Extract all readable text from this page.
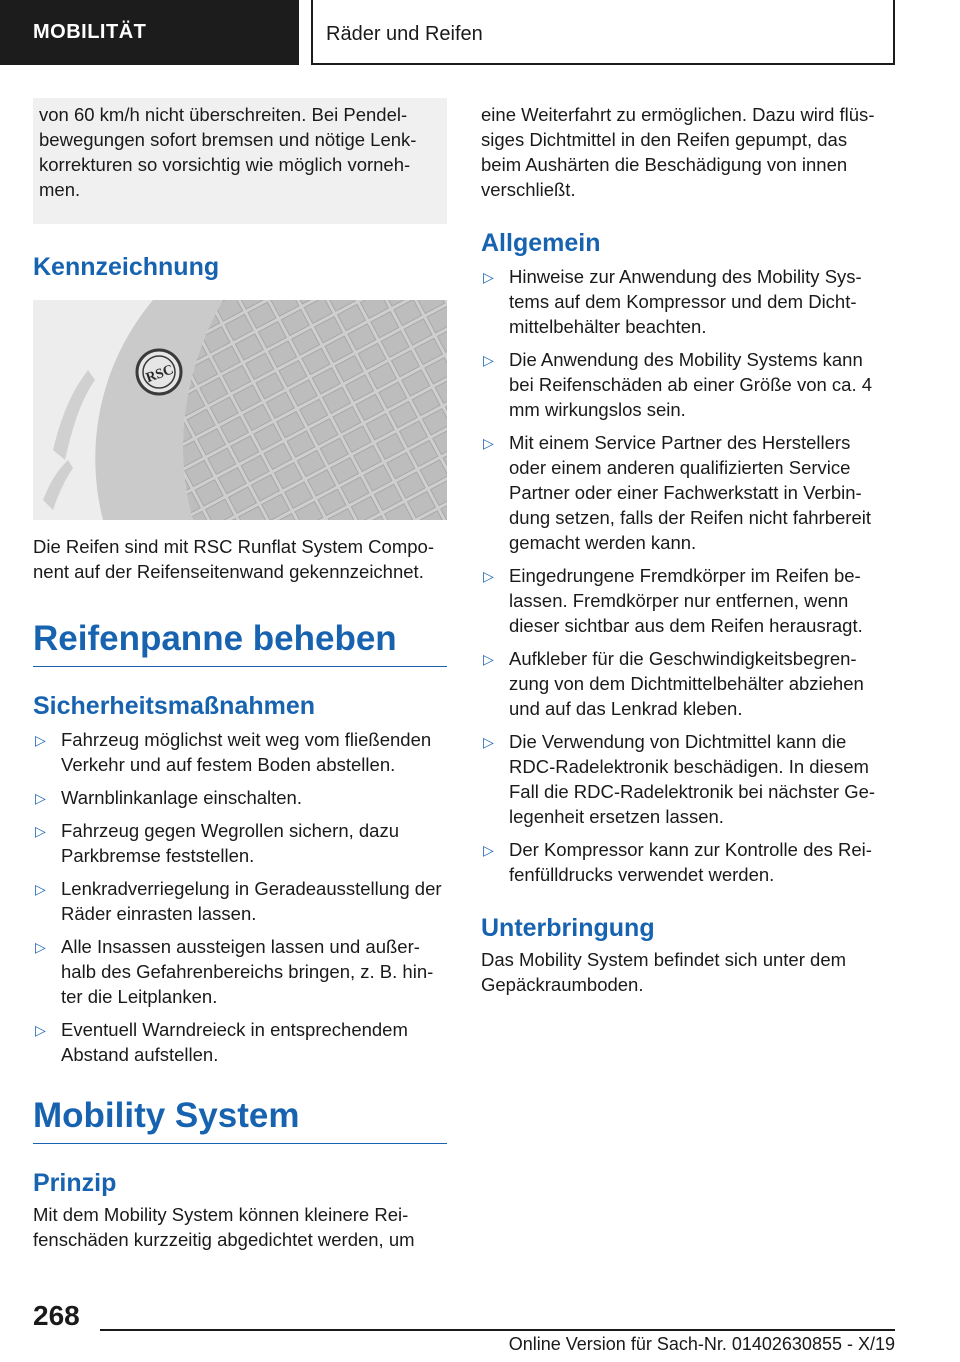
MOBILITÄT	Räder und Reifen

von 60 km/h nicht überschreiten. Bei Pendelbewegungen sofort bremsen und nötige Lenkkorrekturen so vorsichtig wie möglich vornehmen.

Kennzeichnung
RSC

Die Reifen sind mit RSC Runflat System Component auf der Reifenseitenwand gekennzeichnet.

Reifenpanne beheben
Sicherheitsmaßnahmen
▷ Fahrzeug möglichst weit weg vom fließenden Verkehr und auf festem Boden abstellen.
▷ Warnblinkanlage einschalten.
▷ Fahrzeug gegen Wegrollen sichern, dazu Parkbremse feststellen.
▷ Lenkradverriegelung in Geradeausstellung der Räder einrasten lassen.
▷ Alle Insassen aussteigen lassen und außerhalb des Gefahrenbereichs bringen, z. B. hinter die Leitplanken.
▷ Eventuell Warndreieck in entsprechendem Abstand aufstellen.
Mobility System
Prinzip

Mit dem Mobility System können kleinere Reifenschäden kurzzeitig abgedichtet werden, um

eine Weiterfahrt zu ermöglichen. Dazu wird flüssiges Dichtmittel in den Reifen gepumpt, das beim Aushärten die Beschädigung von innen verschließt.

Allgemein
▷ Hinweise zur Anwendung des Mobility Systems auf dem Kompressor und dem Dichtmittelbehälter beachten.
▷ Die Anwendung des Mobility Systems kann bei Reifenschäden ab einer Größe von ca. 4 mm wirkungslos sein.
▷ Mit einem Service Partner des Herstellers oder einem anderen qualifizierten Service Partner oder einer Fachwerkstatt in Verbindung setzen, falls der Reifen nicht fahrbereit gemacht werden kann.
▷ Eingedrungene Fremdkörper im Reifen belassen. Fremdkörper nur entfernen, wenn dieser sichtbar aus dem Reifen herausragt.
▷ Aufkleber für die Geschwindigkeitsbegrenzung von dem Dichtmittelbehälter abziehen und auf das Lenkrad kleben.
▷ Die Verwendung von Dichtmittel kann die RDC-Radelektronik beschädigen. In diesem Fall die RDC-Radelektronik bei nächster Gelegenheit ersetzen lassen.
▷ Der Kompressor kann zur Kontrolle des Reifenfülldrucks verwendet werden.
Unterbringung

Das Mobility System befindet sich unter dem Gepäckraumboden.

268
Online Version für Sach-Nr. 01402630855 - X/19
